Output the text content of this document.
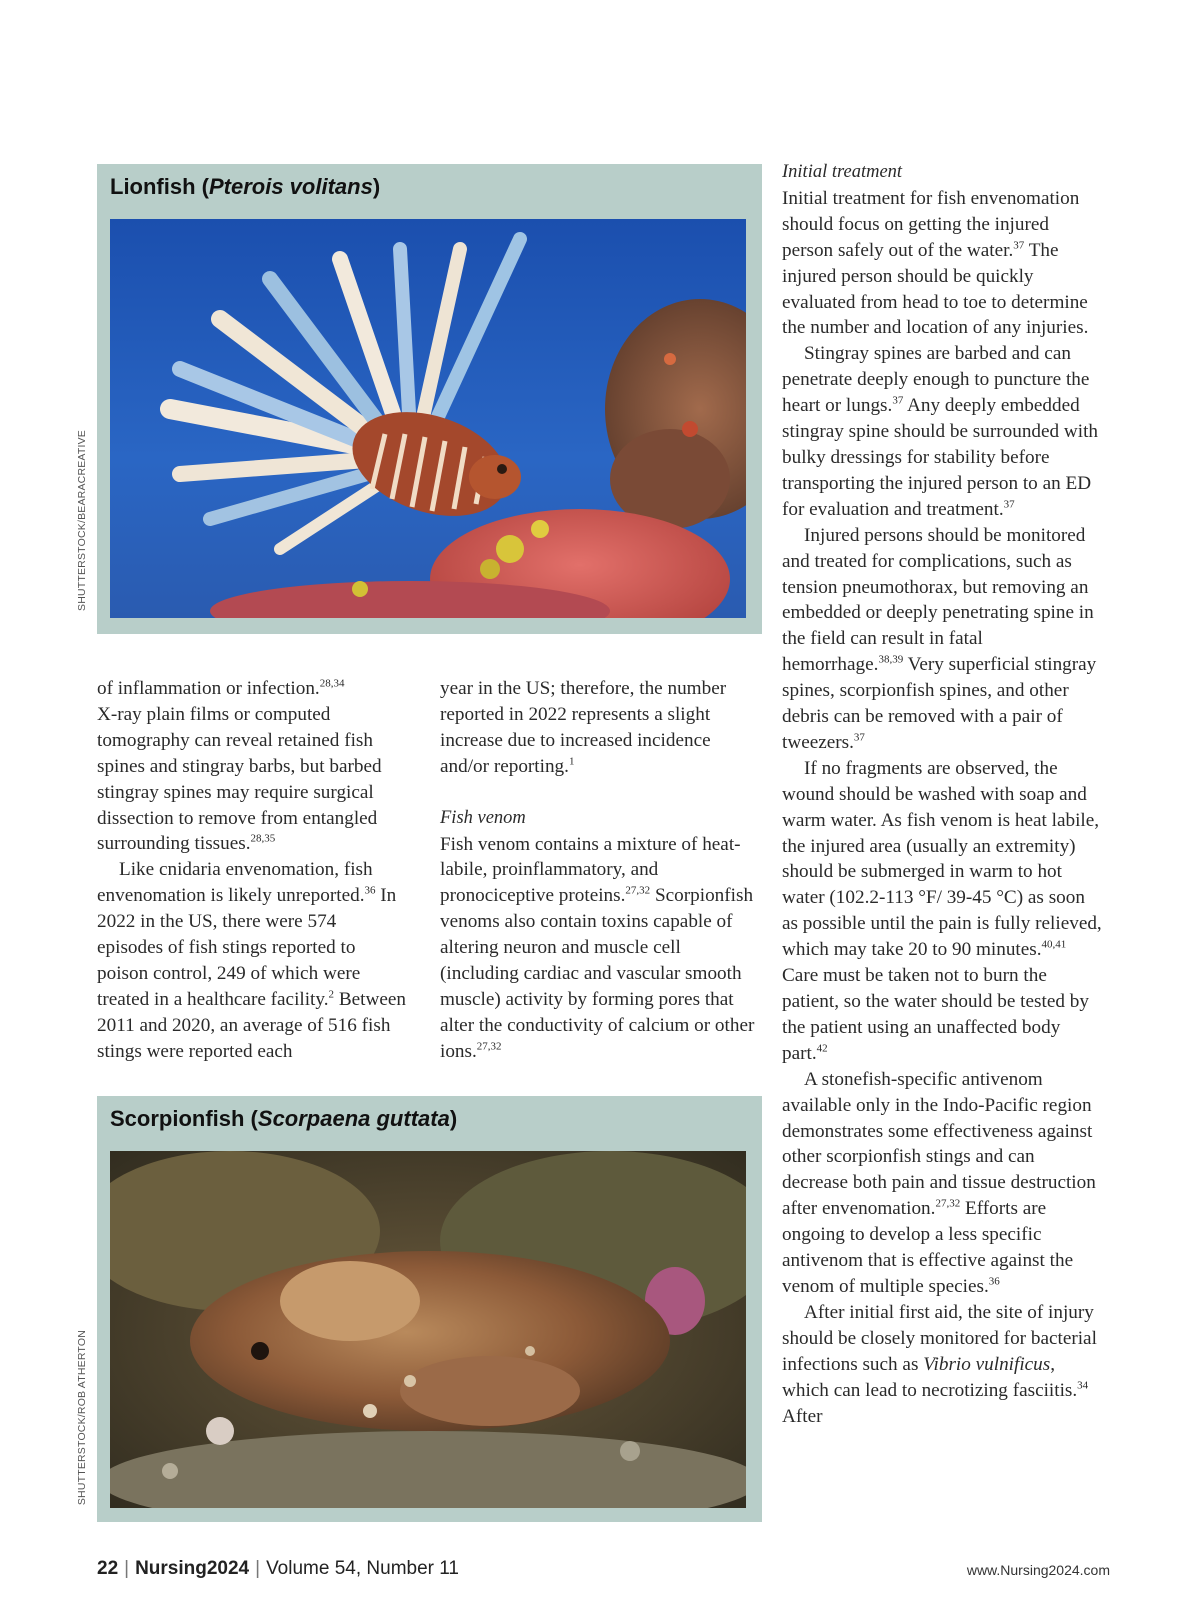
Lionfish (Pterois volitans)
SHUTTERSTOCK/BEARACREATIVE

of inflammation or infection.$^{28,34}$

X-ray plain films or computed tomography can reveal retained fish spines and stingray barbs, but barbed stingray spines may require surgical dissection to remove from entangled surrounding tissues.$^{28,35}$

Like cnidaria envenomation, fish envenomation is likely unreported.$^{36}$ In 2022 in the US, there were 574 episodes of fish stings reported to poison control, 249 of which were treated in a healthcare facility.$^2$ Between 2011 and 2020, an average of 516 fish stings were reported each

year in the US; therefore, the number reported in 2022 represents a slight increase due to increased incidence and/or reporting.$^1$

Fish venom

Fish venom contains a mixture of heat-labile, proinflammatory, and pronociceptive proteins.$^{27,32}$ Scorpionfish venoms also contain toxins capable of altering neuron and muscle cell (including cardiac and vascular smooth muscle) activity by forming pores that alter the conductivity of calcium or other ions.$^{27,32}$

Scorpionfish (Scorpaena guttata)
SHUTTERSTOCK/ROB ATHERTON
Initial treatment

Initial treatment for fish envenomation should focus on getting the injured person safely out of the water.$^{37}$ The injured person should be quickly evaluated from head to toe to determine the number and location of any injuries.

Stingray spines are barbed and can penetrate deeply enough to puncture the heart or lungs.$^{37}$ Any deeply embedded stingray spine should be surrounded with bulky dressings for stability before transporting the injured person to an ED for evaluation and treatment.$^{37}$

Injured persons should be monitored and treated for complications, such as tension pneumothorax, but removing an embedded or deeply penetrating spine in the field can result in fatal hemorrhage.$^{38,39}$ Very superficial stingray spines, scorpionfish spines, and other debris can be removed with a pair of tweezers.$^{37}$

If no fragments are observed, the wound should be washed with soap and warm water. As fish venom is heat labile, the injured area (usually an extremity) should be submerged in warm to hot water (102.2-113 °F/ 39-45 °C) as soon as possible until the pain is fully relieved, which may take 20 to 90 minutes.$^{40,41}$ Care must be taken not to burn the patient, so the water should be tested by the patient using an unaffected body part.$^{42}$

A stonefish-specific antivenom available only in the Indo-Pacific region demonstrates some effectiveness against other scorpionfish stings and can decrease both pain and tissue destruction after envenomation.$^{27,32}$ Efforts are ongoing to develop a less specific antivenom that is effective against the venom of multiple species.$^{36}$

After initial first aid, the site of injury should be closely monitored for bacterial infections such as Vibrio vulnificus, which can lead to necrotizing fasciitis.$^{34}$ After

22 | Nursing2024 | Volume 54, Number 11	www.Nursing2024.com
